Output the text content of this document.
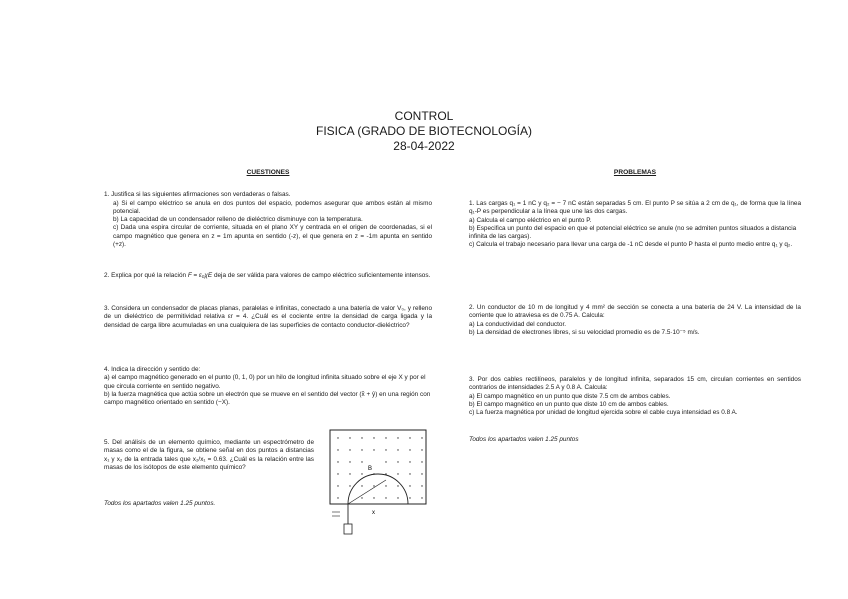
CONTROL
FISICA (GRADO DE BIOTECNOLOGÍA)
28-04-2022
CUESTIONES
1. Justifica si las siguientes afirmaciones son verdaderas o falsas.
a) Si el campo eléctrico se anula en dos puntos del espacio, podemos asegurar que ambos están al mismo potencial.
b) La capacidad de un condensador relleno de dieléctrico disminuye con la temperatura.
c) Dada una espira circular de corriente, situada en el plano XY y centrada en el origen de coordenadas, si el campo magnético que genera en z = 1m apunta en sentido (-z), el que genera en z = -1m apunta en sentido (+z).
2. Explica por qué la relación F = ε₀χE deja de ser válida para valores de campo eléctrico suficientemente intensos.
3. Considera un condensador de placas planas, paralelas e infinitas, conectado a una batería de valor V₀, y relleno de un dieléctrico de permitividad relativa εr = 4. ¿Cuál es el cociente entre la densidad de carga ligada y la densidad de carga libre acumuladas en una cualquiera de las superficies de contacto conductor-dieléctrico?
4. Indica la dirección y sentido de:
a) el campo magnético generado en el punto (0, 1, 0) por un hilo de longitud infinita situado sobre el eje X y por el que circula corriente en sentido negativo.
b) la fuerza magnética que actúa sobre un electrón que se mueve en el sentido del vector (x̂ + ŷ) en una región con campo magnético orientado en sentido (−X).
5. Del análisis de un elemento químico, mediante un espectrómetro de masas como el de la figura, se obtiene señal en dos puntos a distancias x₁ y x₂ de la entrada tales que x₂/x₁ = 0.63. ¿Cuál es la relación entre las masas de los isótopos de este elemento químico?
Todos los apartados valen 1.25 puntos.
B
x
PROBLEMAS
1. Las cargas q₁ = 1 nC y q₂ = − 7 nC están separadas 5 cm. El punto P se sitúa a 2 cm de q₁, de forma que la línea q₁-P es perpendicular a la línea que une las dos cargas.
a) Calcula el campo eléctrico en el punto P.
b) Especifica un punto del espacio en que el potencial eléctrico se anule (no se admiten puntos situados a distancia infinita de las cargas).
c) Calcula el trabajo necesario para llevar una carga de -1 nC desde el punto P hasta el punto medio entre q₁ y q₂.
2. Un conductor de 10 m de longitud y 4 mm² de sección se conecta a una batería de 24 V. La intensidad de la corriente que lo atraviesa es de 0.75 A. Calcula:
a) La conductividad del conductor.
b) La densidad de electrones libres, si su velocidad promedio es de 7.5·10⁻⁵ m/s.
3. Por dos cables rectilíneos, paralelos y de longitud infinita, separados 15 cm, circulan corrientes en sentidos contrarios de intensidades 2.5 A y 0.8 A. Calcula:
a) El campo magnético en un punto que diste 7.5 cm de ambos cables.
b) El campo magnético en un punto que diste 10 cm de ambos cables.
c) La fuerza magnética por unidad de longitud ejercida sobre el cable cuya intensidad es 0.8 A.
Todos los apartados valen 1.25 puntos
